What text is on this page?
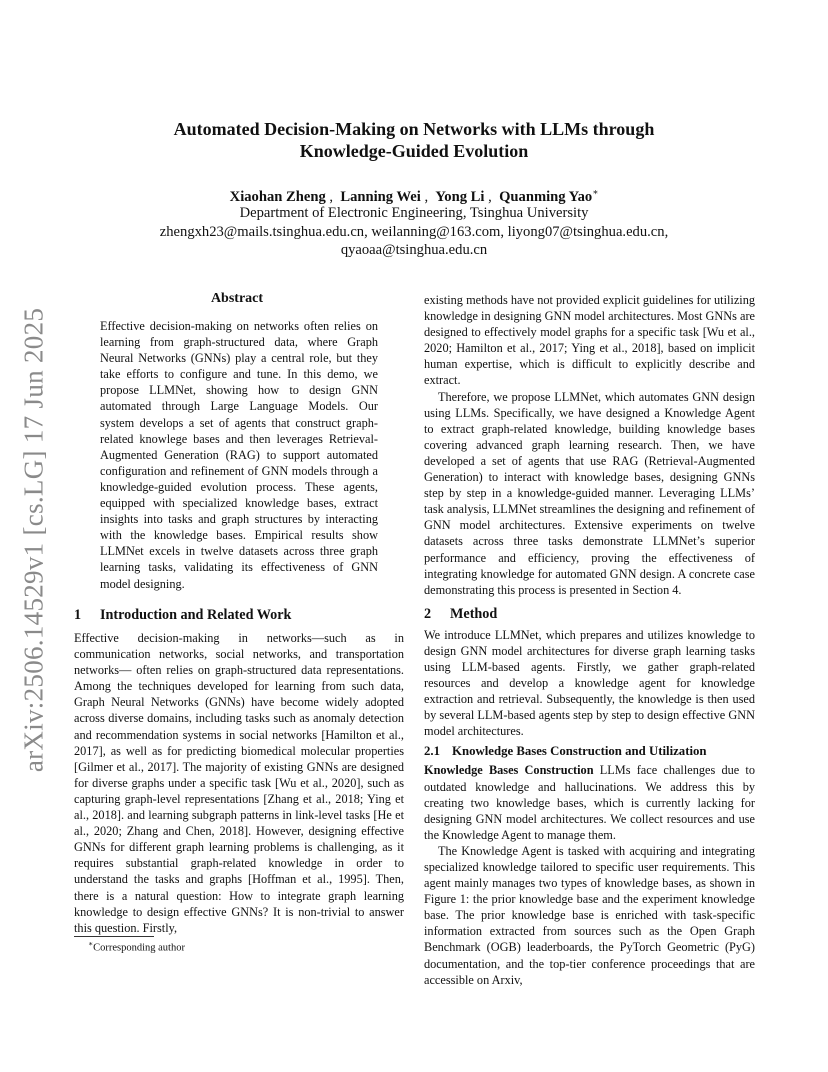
arXiv:2506.14529v1 [cs.LG] 17 Jun 2025
Automated Decision-Making on Networks with LLMs through
Knowledge-Guided Evolution
Xiaohan Zheng ,  Lanning Wei ,  Yong Li ,  Quanming Yao∗
Department of Electronic Engineering, Tsinghua University
zhengxh23@mails.tsinghua.edu.cn, weilanning@163.com, liyong07@tsinghua.edu.cn,
qyaoaa@tsinghua.edu.cn
Abstract

Effective decision-making on networks often relies on learning from graph-structured data, where Graph Neural Networks (GNNs) play a central role, but they take efforts to configure and tune. In this demo, we propose LLMNet, showing how to design GNN automated through Large Language Models. Our system develops a set of agents that construct graph-related knowlege bases and then leverages Retrieval-Augmented Generation (RAG) to support automated configuration and refinement of GNN models through a knowledge-guided evolution process. These agents, equipped with specialized knowledge bases, extract insights into tasks and graph structures by interacting with the knowledge bases. Empirical results show LLMNet excels in twelve datasets across three graph learning tasks, validating its effectiveness of GNN model designing.

1 Introduction and Related Work

Effective decision-making in networks—such as in communication networks, social networks, and transportation networks— often relies on graph-structured data representations. Among the techniques developed for learning from such data, Graph Neural Networks (GNNs) have become widely adopted across diverse domains, including tasks such as anomaly detection and recommendation systems in social networks [Hamilton et al., 2017], as well as for predicting biomedical molecular properties [Gilmer et al., 2017]. The majority of existing GNNs are designed for diverse graphs under a specific task [Wu et al., 2020], such as capturing graph-level representations [Zhang et al., 2018; Ying et al., 2018]. and learning subgraph patterns in link-level tasks [He et al., 2020; Zhang and Chen, 2018]. However, designing effective GNNs for different graph learning problems is challenging, as it requires substantial graph-related knowledge in order to understand the tasks and graphs [Hoffman et al., 1995]. Then, there is a natural question: How to integrate graph learning knowledge to design effective GNNs? It is non-trivial to answer this question. Firstly,

existing methods have not provided explicit guidelines for utilizing knowledge in designing GNN model architectures. Most GNNs are designed to effectively model graphs for a specific task [Wu et al., 2020; Hamilton et al., 2017; Ying et al., 2018], based on implicit human expertise, which is difficult to explicitly describe and extract.

Therefore, we propose LLMNet, which automates GNN design using LLMs. Specifically, we have designed a Knowledge Agent to extract graph-related knowledge, building knowledge bases covering advanced graph learning research. Then, we have developed a set of agents that use RAG (Retrieval-Augmented Generation) to interact with knowledge bases, designing GNNs step by step in a knowledge-guided manner. Leveraging LLMs’ task analysis, LLMNet streamlines the designing and refinement of GNN model architectures. Extensive experiments on twelve datasets across three tasks demonstrate LLMNet’s superior performance and efficiency, proving the effectiveness of integrating knowledge for automated GNN design. A concrete case demonstrating this process is presented in Section 4.

2 Method

We introduce LLMNet, which prepares and utilizes knowledge to design GNN model architectures for diverse graph learning tasks using LLM-based agents. Firstly, we gather graph-related resources and develop a knowledge agent for knowledge extraction and retrieval. Subsequently, the knowledge is then used by several LLM-based agents step by step to design effective GNN model architectures.

2.1 Knowledge Bases Construction and Utilization

Knowledge Bases Construction LLMs face challenges due to outdated knowledge and hallucinations. We address this by creating two knowledge bases, which is currently lacking for designing GNN model architectures. We collect resources and use the Knowledge Agent to manage them.

The Knowledge Agent is tasked with acquiring and integrating specialized knowledge tailored to specific user requirements. This agent mainly manages two types of knowledge bases, as shown in Figure 1: the prior knowledge base and the experiment knowledge base. The prior knowledge base is enriched with task-specific information extracted from sources such as the Open Graph Benchmark (OGB) leaderboards, the PyTorch Geometric (PyG) documentation, and the top-tier conference proceedings that are accessible on Arxiv,

∗Corresponding author
